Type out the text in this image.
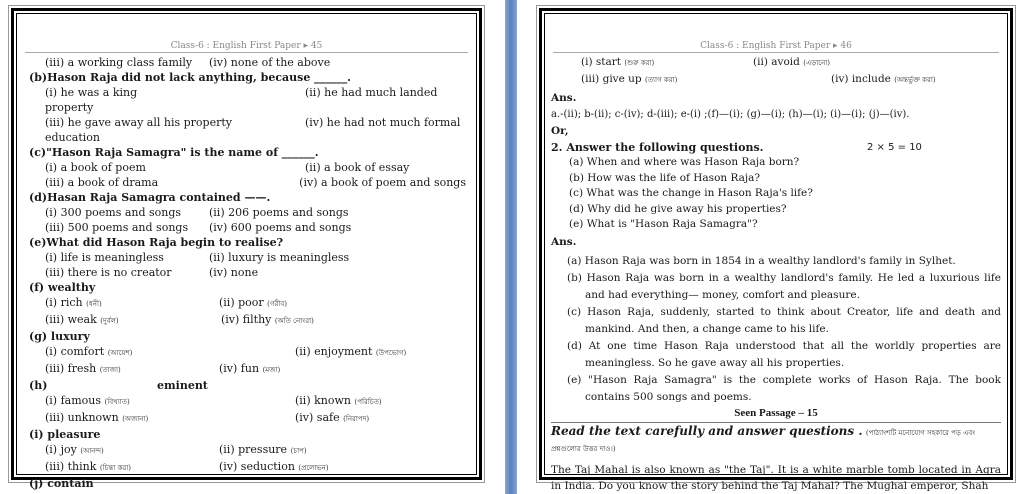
Class-6 : English First Paper ▸ 45
(iii) a working class family	(iv) none of the above
(b)Hason Raja did not lack anything, because ______.
(i) he was a king	(ii) he had much landed
property
(iii) he gave away all his property	(iv) he had not much formal
education
(c)"Hason Raja Samagra" is the name of ______.
(i) a book of poem	(ii) a book of essay
(iii) a book of drama	(iv) a book of poem and songs
(d)Hasan Raja Samagra contained ——.
(i) 300 poems and songs	(ii) 206 poems and songs
(iii) 500 poems and songs	(iv) 600 poems and songs
(e)What did Hason Raja begin to realise?
(i) life is meaningless	(ii) luxury is meaningless
(iii) there is no creator	(iv) none
(f) wealthy
(i) rich (ধনী)	(ii) poor (গরীব)
(iii) weak (দুর্বল)	(iv) filthy (অতি নোংরা)
(g) luxury
(i) comfort (আয়েশ)	(ii) enjoyment (উপভোগ)
(iii) fresh (তাজা)	(iv) fun (মজা)
(h)	eminent
(i) famous (বিখ্যাত)	(ii) known (পরিচিত)
(iii) unknown (অজানা)	(iv) safe (নিরাপদ)
(i) pleasure
(i) joy (আনন্দ)	(ii) pressure (চাপ)
(iii) think (চিন্তা করা)	(iv) seduction (প্রলোভন)
(j) contain
Class-6 : English First Paper ▸ 46
(i) start (শুরু করা)	(ii) avoid (এড়ানো)
(iii) give up (ত্যাগ করা)	(iv) include (অন্তর্ভুক্ত করা)
Ans.
a.-(ii); b-(ii); c-(iv); d-(iii); e-(i) ;(f)—(i); (g)—(i); (h)—(i); (i)—(i); (j)—(iv).
Or,
2. Answer the following questions.	2 × 5 = 10
(a) When and where was Hason Raja born?
(b) How was the life of Hason Raja?
(c) What was the change in Hason Raja's life?
(d) Why did he give away his properties?
(e) What is "Hason Raja Samagra"?
Ans.
(a) Hason Raja was born in 1854 in a wealthy landlord's family in Sylhet.
(b) Hason Raja was born in a wealthy landlord's family. He led a luxurious life and had everything— money, comfort and pleasure.
(c) Hason Raja, suddenly, started to think about Creator, life and death and mankind. And then, a change came to his life.
(d) At one time Hason Raja understood that all the worldly properties are meaningless. So he gave away all his properties.
(e) "Hason Raja Samagra" is the complete works of Hason Raja. The book contains 500 songs and poems.
Seen Passage – 15
Read the text carefully and answer questions . (পাঠ্যাংশটি মনোযোগ সহকারে পড় এবং প্রশ্নগুলোর উত্তর দাও।)
The Taj Mahal is also known as "the Taj". It is a white marble tomb located in Agra in India. Do you know the story behind the Taj Mahal? The Mughal emperor, Shah
